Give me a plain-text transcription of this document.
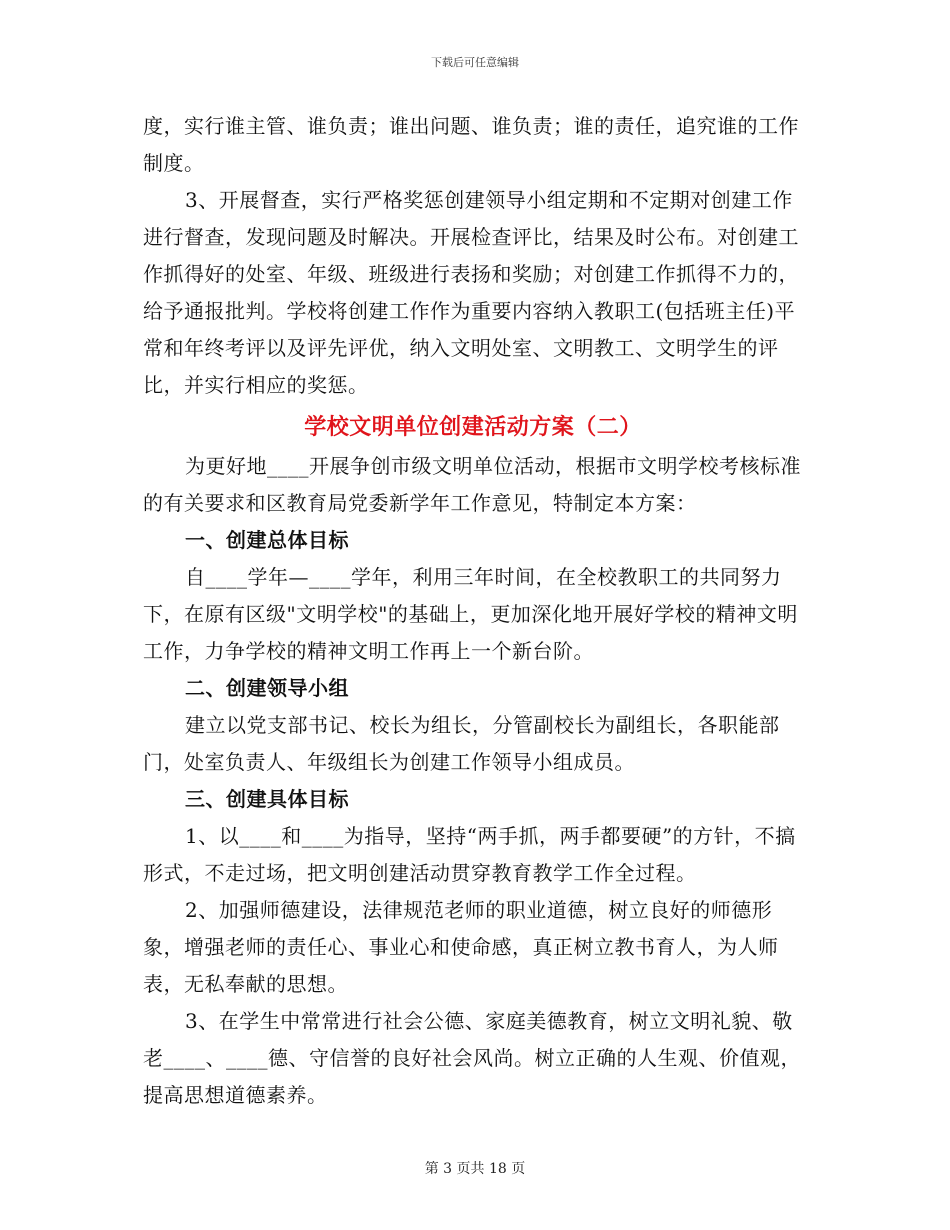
下载后可任意编辑

度，实行谁主管、谁负责；谁出问题、谁负责；谁的责任，追究谁的工作制度。

3、开展督查，实行严格奖惩创建领导小组定期和不定期对创建工作进行督查，发现问题及时解决。开展检查评比，结果及时公布。对创建工作抓得好的处室、年级、班级进行表扬和奖励；对创建工作抓得不力的，给予通报批判。学校将创建工作作为重要内容纳入教职工(包括班主任)平常和年终考评以及评先评优，纳入文明处室、文明教工、文明学生的评比，并实行相应的奖惩。

学校文明单位创建活动方案（二）

为更好地____开展争创市级文明单位活动，根据市文明学校考核标准的有关要求和区教育局党委新学年工作意见，特制定本方案：

一、创建总体目标

自____学年—____学年，利用三年时间，在全校教职工的共同努力下，在原有区级"文明学校"的基础上，更加深化地开展好学校的精神文明工作，力争学校的精神文明工作再上一个新台阶。

二、创建领导小组

建立以党支部书记、校长为组长，分管副校长为副组长，各职能部门，处室负责人、年级组长为创建工作领导小组成员。

三、创建具体目标

1、以____和____为指导，坚持“两手抓，两手都要硬”的方针，不搞形式，不走过场，把文明创建活动贯穿教育教学工作全过程。

2、加强师德建设，法律规范老师的职业道德，树立良好的师德形象，增强老师的责任心、事业心和使命感，真正树立教书育人，为人师表，无私奉献的思想。

3、在学生中常常进行社会公德、家庭美德教育，树立文明礼貌、敬老____、____德、守信誉的良好社会风尚。树立正确的人生观、价值观，提高思想道德素养。

第 3 页共 18 页
